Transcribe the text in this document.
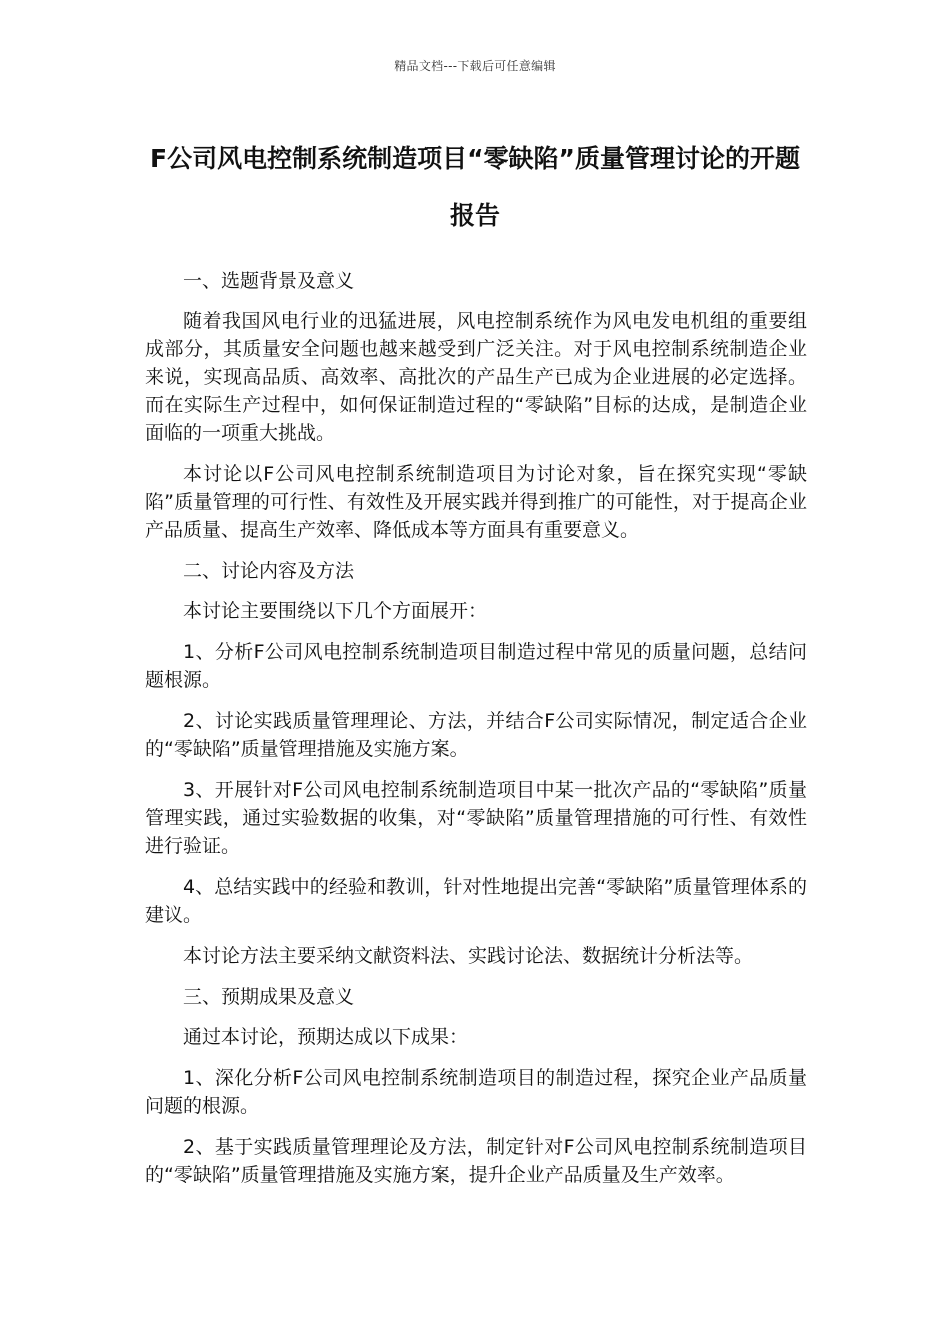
精品文档---下载后可任意编辑
F公司风电控制系统制造项目“零缺陷”质量管理讨论的开题报告

一、选题背景及意义

随着我国风电行业的迅猛进展，风电控制系统作为风电发电机组的重要组成部分，其质量安全问题也越来越受到广泛关注。对于风电控制系统制造企业来说，实现高品质、高效率、高批次的产品生产已成为企业进展的必定选择。而在实际生产过程中，如何保证制造过程的“零缺陷”目标的达成，是制造企业面临的一项重大挑战。

本讨论以F公司风电控制系统制造项目为讨论对象，旨在探究实现“零缺陷”质量管理的可行性、有效性及开展实践并得到推广的可能性，对于提高企业产品质量、提高生产效率、降低成本等方面具有重要意义。

二、讨论内容及方法

本讨论主要围绕以下几个方面展开：

1、分析F公司风电控制系统制造项目制造过程中常见的质量问题，总结问题根源。

2、讨论实践质量管理理论、方法，并结合F公司实际情况，制定适合企业的“零缺陷”质量管理措施及实施方案。

3、开展针对F公司风电控制系统制造项目中某一批次产品的“零缺陷”质量管理实践，通过实验数据的收集，对“零缺陷”质量管理措施的可行性、有效性进行验证。

4、总结实践中的经验和教训，针对性地提出完善“零缺陷”质量管理体系的建议。

本讨论方法主要采纳文献资料法、实践讨论法、数据统计分析法等。

三、预期成果及意义

通过本讨论，预期达成以下成果：

1、深化分析F公司风电控制系统制造项目的制造过程，探究企业产品质量问题的根源。

2、基于实践质量管理理论及方法，制定针对F公司风电控制系统制造项目的“零缺陷”质量管理措施及实施方案，提升企业产品质量及生产效率。
